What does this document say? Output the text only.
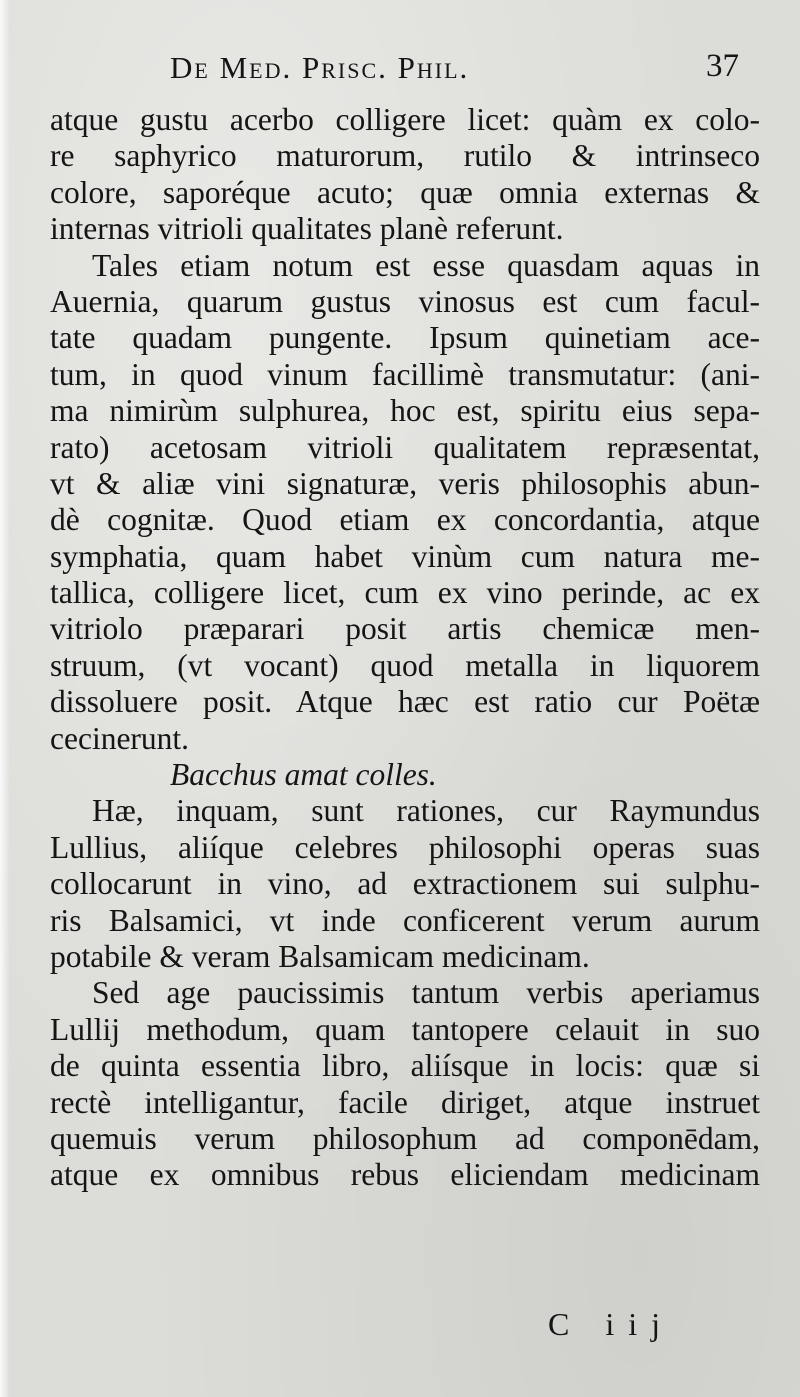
De Med. Prisc. Phil.	37
atque gustu acerbo colligere licet: quàm ex colo-
re saphyrico maturorum, rutilo & intrinseco
colore, saporéque acuto; quæ omnia externas &
internas vitrioli qualitates planè referunt.
Tales etiam notum est esse quasdam aquas in
Auernia, quarum gustus vinosus est cum facul-
tate quadam pungente. Ipsum quinetiam ace-
tum, in quod vinum facillimè transmutatur: (ani-
ma nimirùm sulphurea, hoc est, spiritu eius sepa-
rato) acetosam vitrioli qualitatem repræsentat,
vt & aliæ vini signaturæ, veris philosophis abun-
dè cognitæ. Quod etiam ex concordantia, atque
symphatia, quam habet vinùm cum natura me-
tallica, colligere licet, cum ex vino perinde, ac ex
vitriolo præparari posit artis chemicæ men-
struum, (vt vocant) quod metalla in liquorem
dissoluere posit. Atque hæc est ratio cur Poëtæ
cecinerunt.
Bacchus amat colles.
Hæ, inquam, sunt rationes, cur Raymundus
Lullius, aliíque celebres philosophi operas suas
collocarunt in vino, ad extractionem sui sulphu-
ris Balsamici, vt inde conficerent verum aurum
potabile & veram Balsamicam medicinam.
Sed age paucissimis tantum verbis aperiamus
Lullij methodum, quam tantopere celauit in suo
de quinta essentia libro, aliísque in locis: quæ si
rectè intelligantur, facile diriget, atque instruet
quemuis verum philosophum ad componēdam,
atque ex omnibus rebus eliciendam medicinam
C iij
